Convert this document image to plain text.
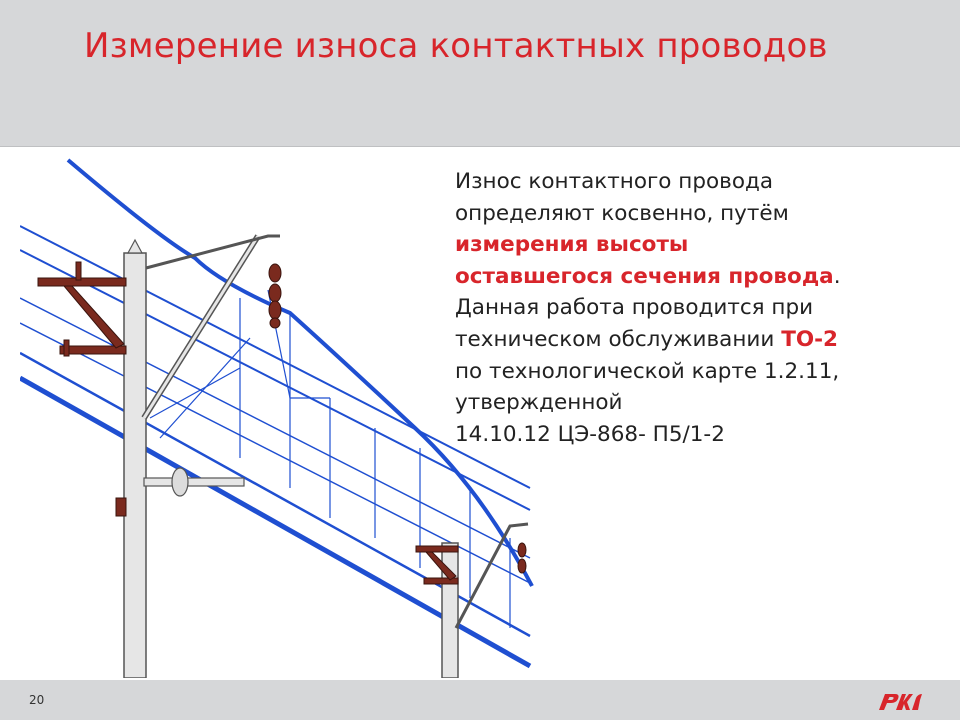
Измерение износа контактных проводов
Износ контактного провода
определяют косвенно, путём
измерения высоты
оставшегося сечения провода.
Данная работа проводится при
техническом обслуживании ТО-2
по технологической карте 1.2.11,
утвержденной
14.10.12 ЦЭ-868- П5/1-2
20
